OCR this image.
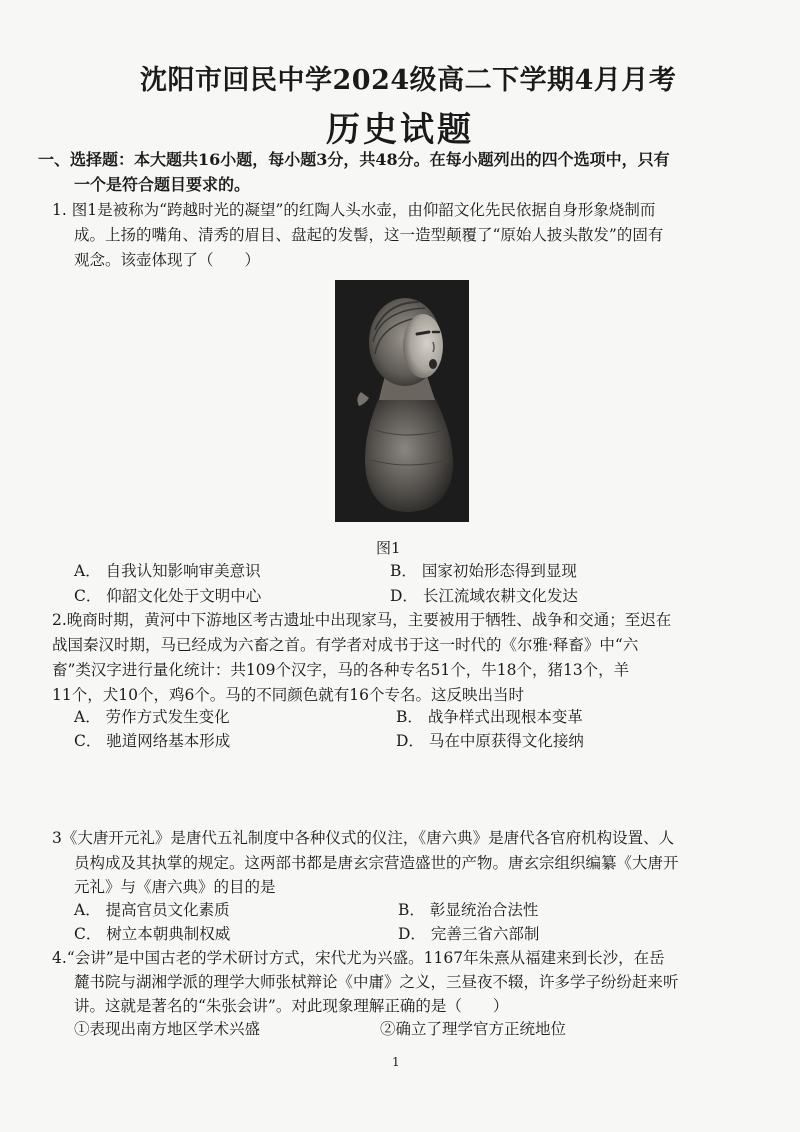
沈阳市回民中学2024级高二下学期4月月考
历史试题
一、选择题：本大题共16小题，每小题3分，共48分。在每小题列出的四个选项中，只有
一个是符合题目要求的。
1. 图1是被称为“跨越时光的凝望”的红陶人头水壶，由仰韶文化先民依据自身形象烧制而
成。上扬的嘴角、清秀的眉目、盘起的发髻，这一造型颠覆了“原始人披头散发”的固有
观念。该壶体现了（　　）
图1
A． 自我认知影响审美意识	B． 国家初始形态得到显现
C． 仰韶文化处于文明中心	D． 长江流域农耕文化发达
2.晚商时期，黄河中下游地区考古遗址中出现家马，主要被用于牺牲、战争和交通；至迟在
战国秦汉时期，马已经成为六畜之首。有学者对成书于这一时代的《尔雅·释畜》中“六
畜”类汉字进行量化统计：共109个汉字，马的各种专名51个，牛18个，猪13个，羊
11个，犬10个，鸡6个。马的不同颜色就有16个专名。这反映出当时
A． 劳作方式发生变化	B． 战争样式出现根本变革
C． 驰道网络基本形成	D． 马在中原获得文化接纳
3《大唐开元礼》是唐代五礼制度中各种仪式的仪注，《唐六典》是唐代各官府机构设置、人
员构成及其执掌的规定。这两部书都是唐玄宗营造盛世的产物。唐玄宗组织编纂《大唐开
元礼》与《唐六典》的目的是
A． 提高官员文化素质	B． 彰显统治合法性
C． 树立本朝典制权威	D． 完善三省六部制
4.“会讲”是中国古老的学术研讨方式，宋代尤为兴盛。1167年朱熹从福建来到长沙，在岳
麓书院与湖湘学派的理学大师张栻辩论《中庸》之义，三昼夜不辍，许多学子纷纷赶来听
讲。这就是著名的“朱张会讲”。对此现象理解正确的是（　　）
①表现出南方地区学术兴盛	②确立了理学官方正统地位
1
